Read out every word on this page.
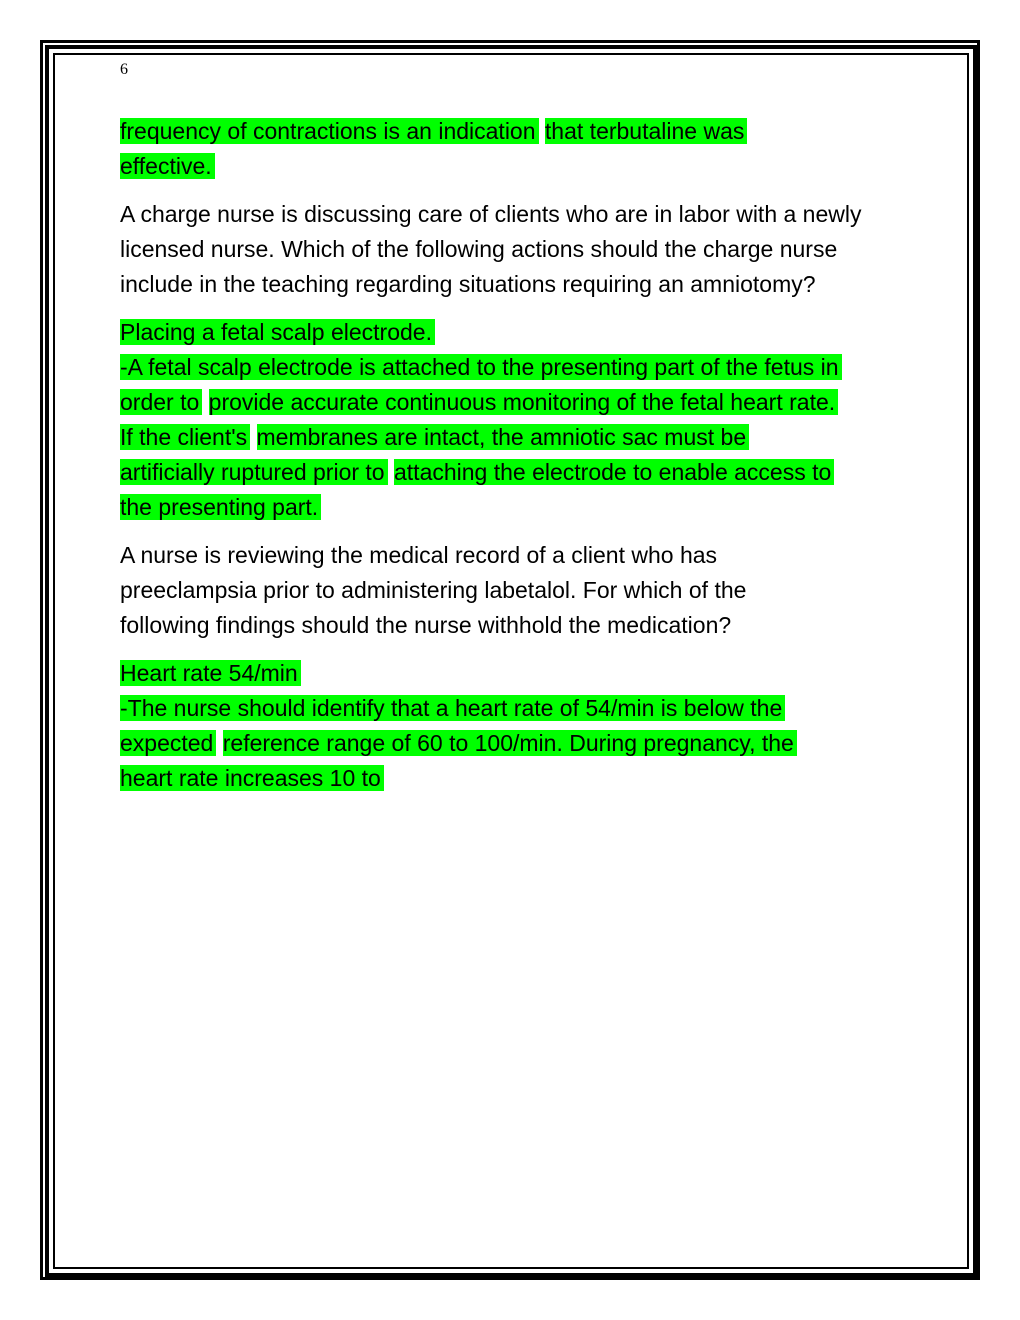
6
frequency of contractions is an indication that terbutaline was
effective.
A charge nurse is discussing care of clients who are in labor with a newly
licensed nurse. Which of the following actions should the charge nurse
include in the teaching regarding situations requiring an amniotomy?
Placing a fetal scalp electrode.
-A fetal scalp electrode is attached to the presenting part of the fetus in
order to provide accurate continuous monitoring of the fetal heart rate.
If the client's membranes are intact, the amniotic sac must be
artificially ruptured prior to attaching the electrode to enable access to
the presenting part.
A nurse is reviewing the medical record of a client who has
preeclampsia prior to administering labetalol. For which of the
following findings should the nurse withhold the medication?
Heart rate 54/min
-The nurse should identify that a heart rate of 54/min is below the
expected reference range of 60 to 100/min. During pregnancy, the
heart rate increases 10 to
